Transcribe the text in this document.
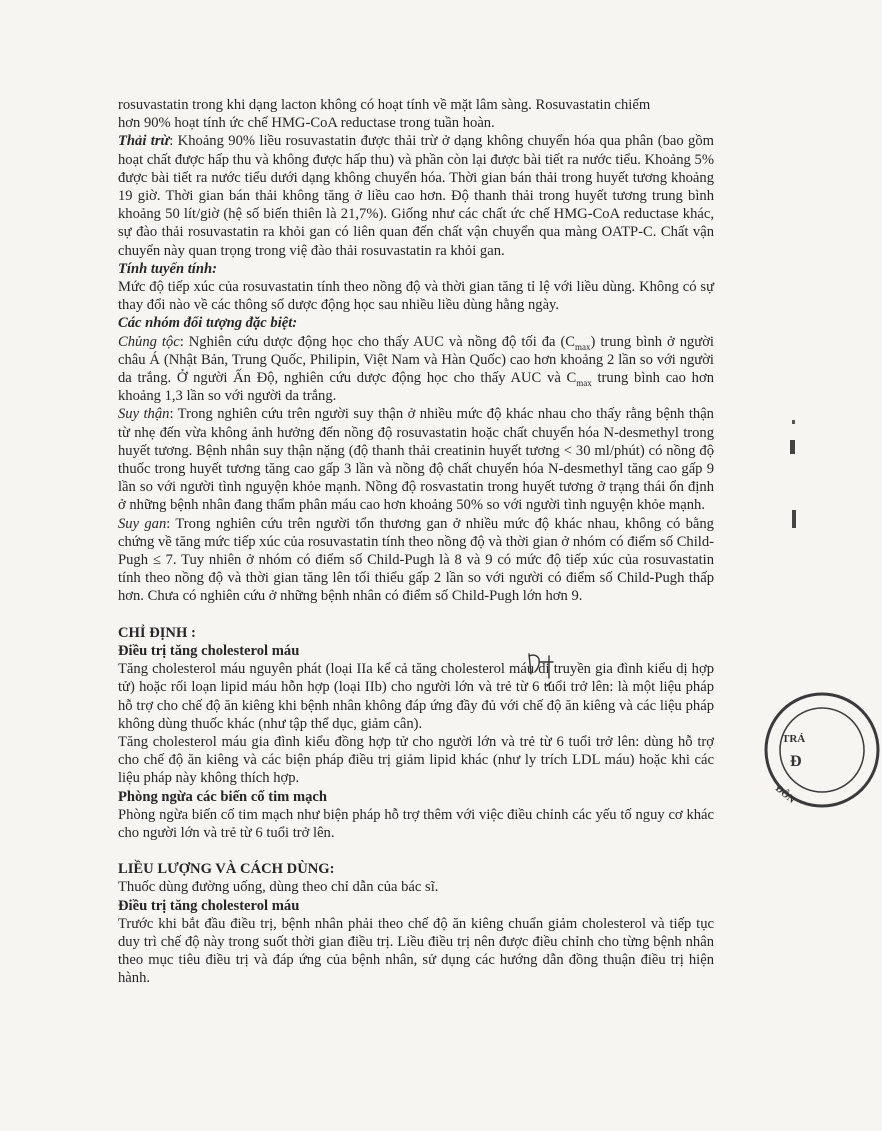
rosuvastatin trong khi dạng lacton không có hoạt tính về mặt lâm sàng. Rosuvastatin chiếm

hơn 90% hoạt tính ức chế HMG-CoA reductase trong tuần hoàn.

Thải trừ: Khoảng 90% liều rosuvastatin được thải trừ ở dạng không chuyển hóa qua phân (bao gồm hoạt chất được hấp thu và không được hấp thu) và phần còn lại được bài tiết ra nước tiểu. Khoảng 5% được bài tiết ra nước tiểu dưới dạng không chuyển hóa. Thời gian bán thải trong huyết tương khoảng 19 giờ. Thời gian bán thải không tăng ở liều cao hơn. Độ thanh thải trong huyết tương trung bình khoảng 50 lít/giờ (hệ số biến thiên là 21,7%). Giống như các chất ức chế HMG-CoA reductase khác, sự đào thải rosuvastatin ra khỏi gan có liên quan đến chất vận chuyển qua màng OATP-C. Chất vận chuyển này quan trọng trong việ đào thải rosuvastatin ra khỏi gan.

Tính tuyến tính:

Mức độ tiếp xúc của rosuvastatin tính theo nồng độ và thời gian tăng tỉ lệ với liều dùng. Không có sự thay đổi nào về các thông số dược động học sau nhiều liều dùng hằng ngày.

Các nhóm đối tượng đặc biệt:

Chủng tộc: Nghiên cứu dược động học cho thấy AUC và nồng độ tối đa $(C_{max})$ trung bình ở người châu Á (Nhật Bản, Trung Quốc, Philipin, Việt Nam và Hàn Quốc) cao hơn khoảng 2 lần so với người da trắng. Ở người Ấn Độ, nghiên cứu dược động học cho thấy AUC và $C_{max}$ trung bình cao hơn khoảng 1,3 lần so với người da trắng.

Suy thận: Trong nghiên cứu trên người suy thận ở nhiều mức độ khác nhau cho thấy rằng bệnh thận từ nhẹ đến vừa không ảnh hưởng đến nồng độ rosuvastatin hoặc chất chuyển hóa N-desmethyl trong huyết tương. Bệnh nhân suy thận nặng (độ thanh thải creatinin huyết tương < 30 ml/phút) có nồng độ thuốc trong huyết tương tăng cao gấp 3 lần và nồng độ chất chuyển hóa N-desmethyl tăng cao gấp 9 lần so với người tình nguyện khỏe mạnh. Nồng độ rosvastatin trong huyết tương ở trạng thái ổn định ở những bệnh nhân đang thẩm phân máu cao hơn khoảng 50% so với người tình nguyện khỏe mạnh.

Suy gan: Trong nghiên cứu trên người tổn thương gan ở nhiều mức độ khác nhau, không có bằng chứng về tăng mức tiếp xúc của rosuvastatin tính theo nồng độ và thời gian ở nhóm có điểm số Child-Pugh ≤ 7. Tuy nhiên ở nhóm có điểm số Child-Pugh là 8 và 9 có mức độ tiếp xúc của rosuvastatin tính theo nồng độ và thời gian tăng lên tối thiểu gấp 2 lần so với người có điểm số Child-Pugh thấp hơn. Chưa có nghiên cứu ở những bệnh nhân có điểm số Child-Pugh lớn hơn 9.

CHỈ ĐỊNH :

Điều trị tăng cholesterol máu

Tăng cholesterol máu nguyên phát (loại IIa kể cả tăng cholesterol máu di truyền gia đình kiểu dị hợp tử) hoặc rối loạn lipid máu hỗn hợp (loại IIb) cho người lớn và trẻ từ 6 tuổi trở lên: là một liệu pháp hỗ trợ cho chế độ ăn kiêng khi bệnh nhân không đáp ứng đầy đủ với chế độ ăn kiêng và các liệu pháp không dùng thuốc khác (như tập thể dục, giảm cân).

Tăng cholesterol máu gia đình kiểu đồng hợp tử cho người lớn và trẻ từ 6 tuổi trở lên: dùng hỗ trợ cho chế độ ăn kiêng và các biện pháp điều trị giảm lipid khác (như ly trích LDL máu) hoặc khi các liệu pháp này không thích hợp.

Phòng ngừa các biến cố tim mạch

Phòng ngừa biến cố tim mạch như biện pháp hỗ trợ thêm với việc điều chỉnh các yếu tố nguy cơ khác cho người lớn và trẻ từ 6 tuổi trở lên.

LIỀU LƯỢNG VÀ CÁCH DÙNG:

Thuốc dùng đường uống, dùng theo chỉ dẫn của bác sĩ.

Điều trị tăng cholesterol máu

Trước khi bắt đầu điều trị, bệnh nhân phải theo chế độ ăn kiêng chuẩn giảm cholesterol và tiếp tục duy trì chế độ này trong suốt thời gian điều trị. Liều điều trị nên được điều chỉnh cho từng bệnh nhân theo mục tiêu điều trị và đáp ứng của bệnh nhân, sử dụng các hướng dẫn đồng thuận điều trị hiện hành.

TRÁ
Đ
ĐÔN
